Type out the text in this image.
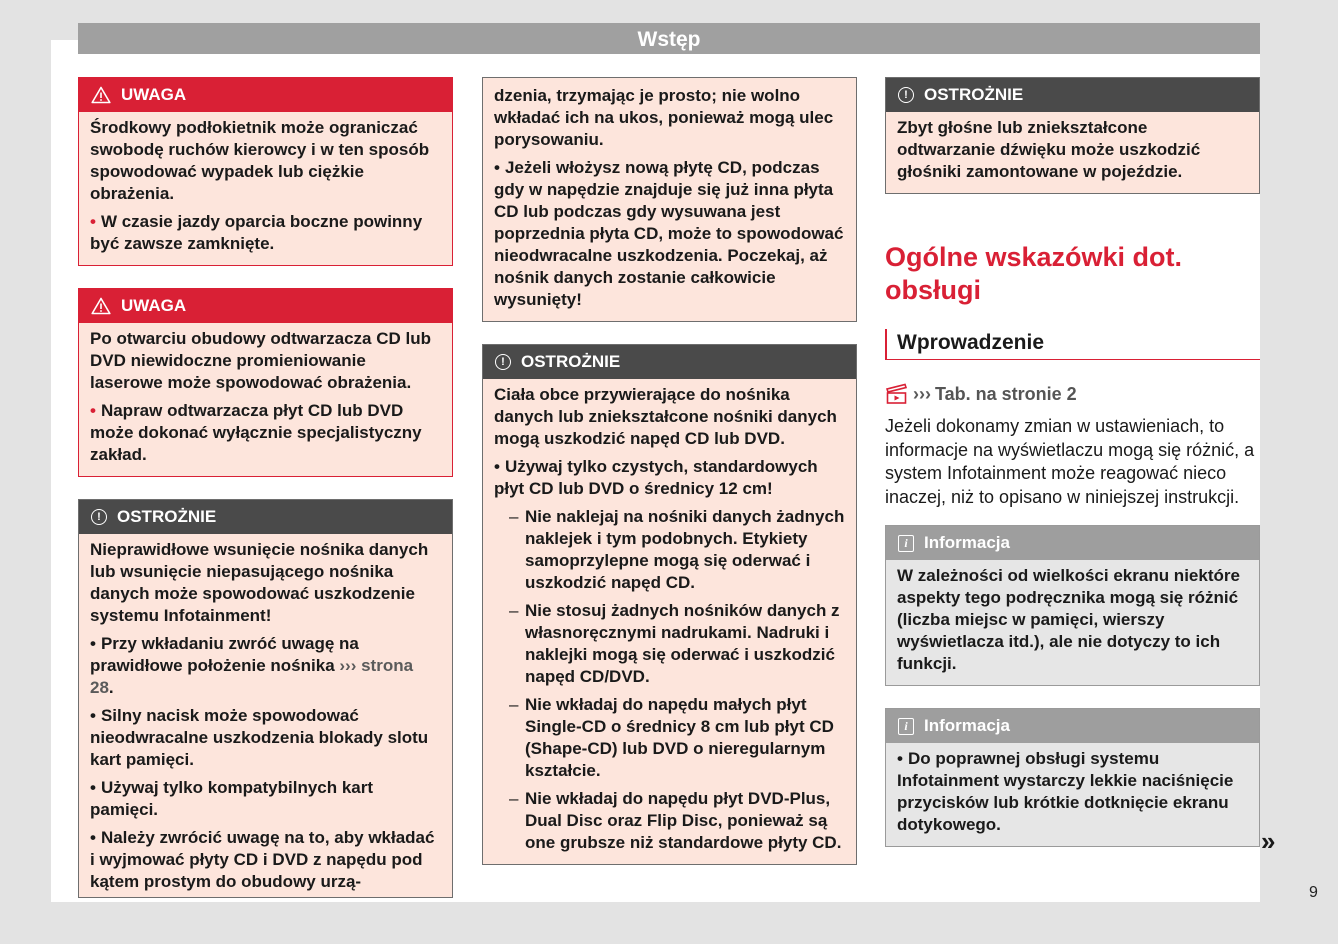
Wstęp
UWAGA

Środkowy podłokietnik może ograniczać swobodę ruchów kierowcy i w ten sposób spowodować wypadek lub ciężkie obrażenia.

• W czasie jazdy oparcia boczne powinny być zawsze zamknięte.

UWAGA

Po otwarciu obudowy odtwarzacza CD lub DVD niewidoczne promieniowanie laserowe może spowodować obrażenia.

• Napraw odtwarzacza płyt CD lub DVD może dokonać wyłącznie specjalistyczny zakład.

! OSTROŻNIE

Nieprawidłowe wsunięcie nośnika danych lub wsunięcie niepasującego nośnika danych może spowodować uszkodzenie systemu Infotainment!

• Przy wkładaniu zwróć uwagę na prawidłowe położenie nośnika ››› strona 28.

• Silny nacisk może spowodować nieodwracalne uszkodzenia blokady slotu kart pamięci.

• Używaj tylko kompatybilnych kart pamięci.

• Należy zwrócić uwagę na to, aby wkładać i wyjmować płyty CD i DVD z napędu pod kątem prostym do obudowy urzą-

dzenia, trzymając je prosto; nie wolno wkładać ich na ukos, ponieważ mogą ulec porysowaniu.

• Jeżeli włożysz nową płytę CD, podczas gdy w napędzie znajduje się już inna płyta CD lub podczas gdy wysuwana jest poprzednia płyta CD, może to spowodować nieodwracalne uszkodzenia. Poczekaj, aż nośnik danych zostanie całkowicie wysunięty!

! OSTROŻNIE

Ciała obce przywierające do nośnika danych lub zniekształcone nośniki danych mogą uszkodzić napęd CD lub DVD.

• Używaj tylko czystych, standardowych płyt CD lub DVD o średnicy 12 cm!

– Nie naklejaj na nośniki danych żadnych naklejek i tym podobnych. Etykiety samoprzylepne mogą się oderwać i uszkodzić napęd CD.

– Nie stosuj żadnych nośników danych z własnoręcznymi nadrukami. Nadruki i naklejki mogą się oderwać i uszkodzić napęd CD/DVD.

– Nie wkładaj do napędu małych płyt Single-CD o średnicy 8 cm lub płyt CD (Shape-CD) lub DVD o nieregularnym kształcie.

– Nie wkładaj do napędu płyt DVD-Plus, Dual Disc oraz Flip Disc, ponieważ są one grubsze niż standardowe płyty CD.

! OSTROŻNIE

Zbyt głośne lub zniekształcone odtwarzanie dźwięku może uszkodzić głośniki zamontowane w pojeździe.

Ogólne wskazówki dot. obsługi
Wprowadzenie
››› Tab. na stronie 2
Jeżeli dokonamy zmian w ustawieniach, to informacje na wyświetlaczu mogą się różnić, a system Infotainment może reagować nieco inaczej, niż to opisano w niniejszej instrukcji.
i Informacja

W zależności od wielkości ekranu niektóre aspekty tego podręcznika mogą się różnić (liczba miejsc w pamięci, wierszy wyświetlacza itd.), ale nie dotyczy to ich funkcji.

i Informacja

• Do poprawnej obsługi systemu Infotainment wystarczy lekkie naciśnięcie przycisków lub krótkie dotknięcie ekranu dotykowego.

»
9
